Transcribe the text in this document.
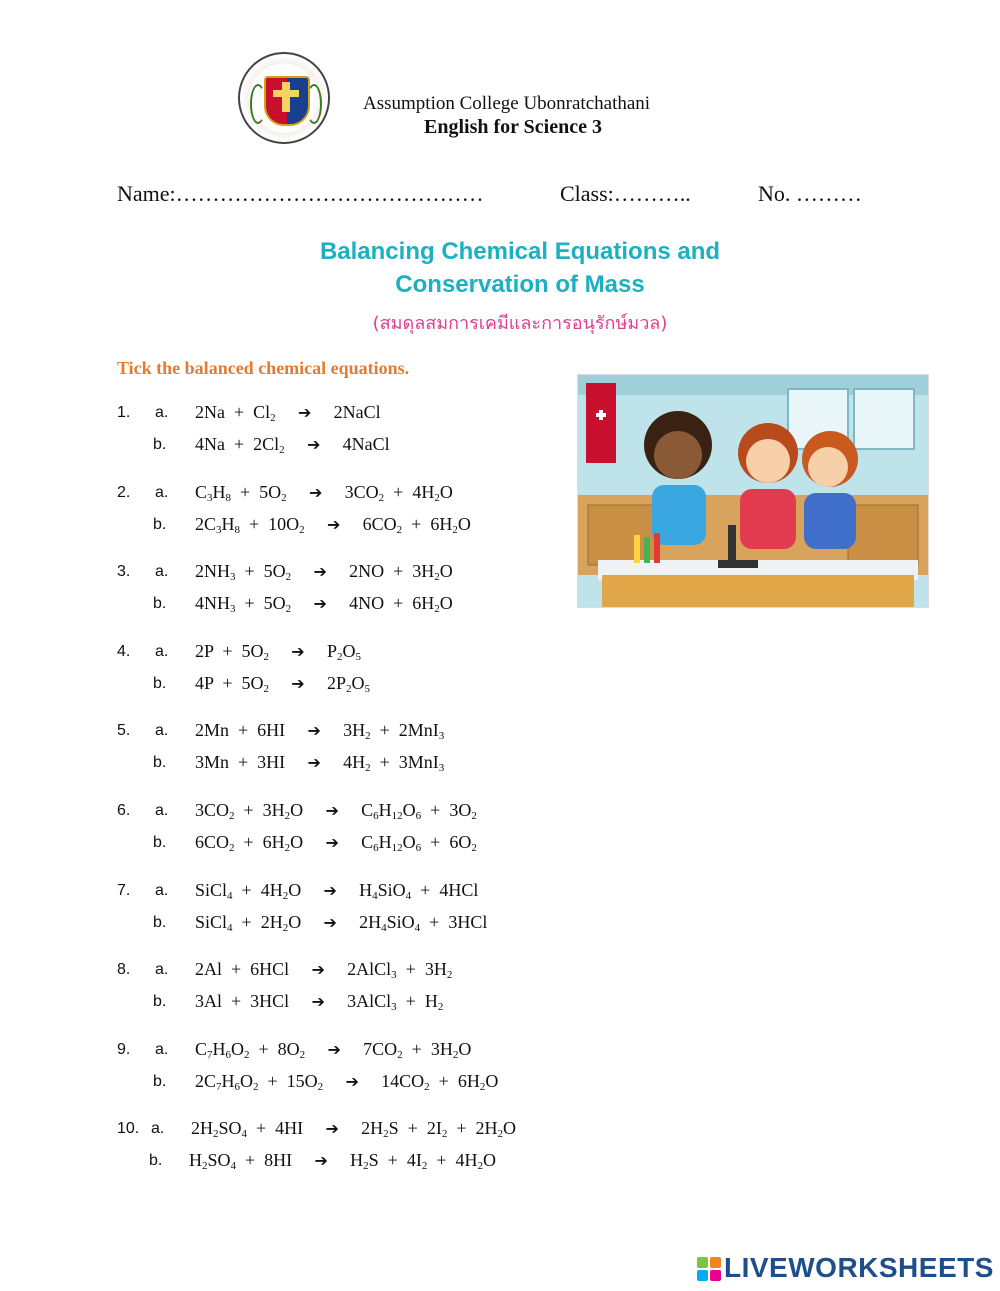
Assumption College Ubonratchathani
English for Science 3
Name:……………………………………	Class:………..	No. ………
Balancing Chemical Equations and
Conservation of Mass
(สมดุลสมการเคมีและการอนุรักษ์มวล)
Tick the balanced chemical equations.
1. a.
b.
$2Na + Cl_2$    ➔    2NaCl
$4Na + 2Cl_2$    ➔    4NaCl
2. a.
b.
$C_3H_8 + 5O_2$    ➔    $3CO_2 + 4H_2O$
$2C_3H_8 + 10O_2$    ➔    $6CO_2 + 6H_2O$
3. a.
b.
$2NH_3 + 5O_2$    ➔    $2NO + 3H_2O$
$4NH_3 + 5O_2$    ➔    $4NO + 6H_2O$
4. a.
b.
$2P + 5O_2$    ➔    $P_2O_5$
$4P + 5O_2$    ➔    $2P_2O_5$
5. a.
b.
2Mn  +  6HI    ➔    $3H_2 + 2MnI_3$
3Mn  +  3HI    ➔    $4H_2 + 3MnI_3$
6. a.
b.
$3CO_2 + 3H_2O$    ➔    $C_6H_{12}O_6 + 3O_2$
$6CO_2 + 6H_2O$    ➔    $C_6H_{12}O_6 + 6O_2$
7. a.
b.
SiCl$_4$  +  $4H_2O$    ➔    $H_4SiO_4 + 4HCl$
SiCl$_4$  +  $2H_2O$    ➔    $2H_4SiO_4 + 3HCl$
8. a.
b.
2Al  +  6HCl    ➔    2AlCl$_3$  +  $3H_2$
3Al  +  3HCl    ➔    3AlCl$_3$  +  $H_2$
9. a.
b.
$C_7H_6O_2 + 8O_2$    ➔    $7CO_2 + 3H_2O$
$2C_7H_6O_2 + 15O_2$    ➔    $14CO_2 + 6H_2O$
10. a.
b.
$2H_2SO_4 + 4HI$    ➔    $2H_2S + 2I_2 + 2H_2O$
$H_2SO_4 + 8HI$    ➔    $H_2S + 4I_2 + 4H_2O$
LIVEWORKSHEETS
